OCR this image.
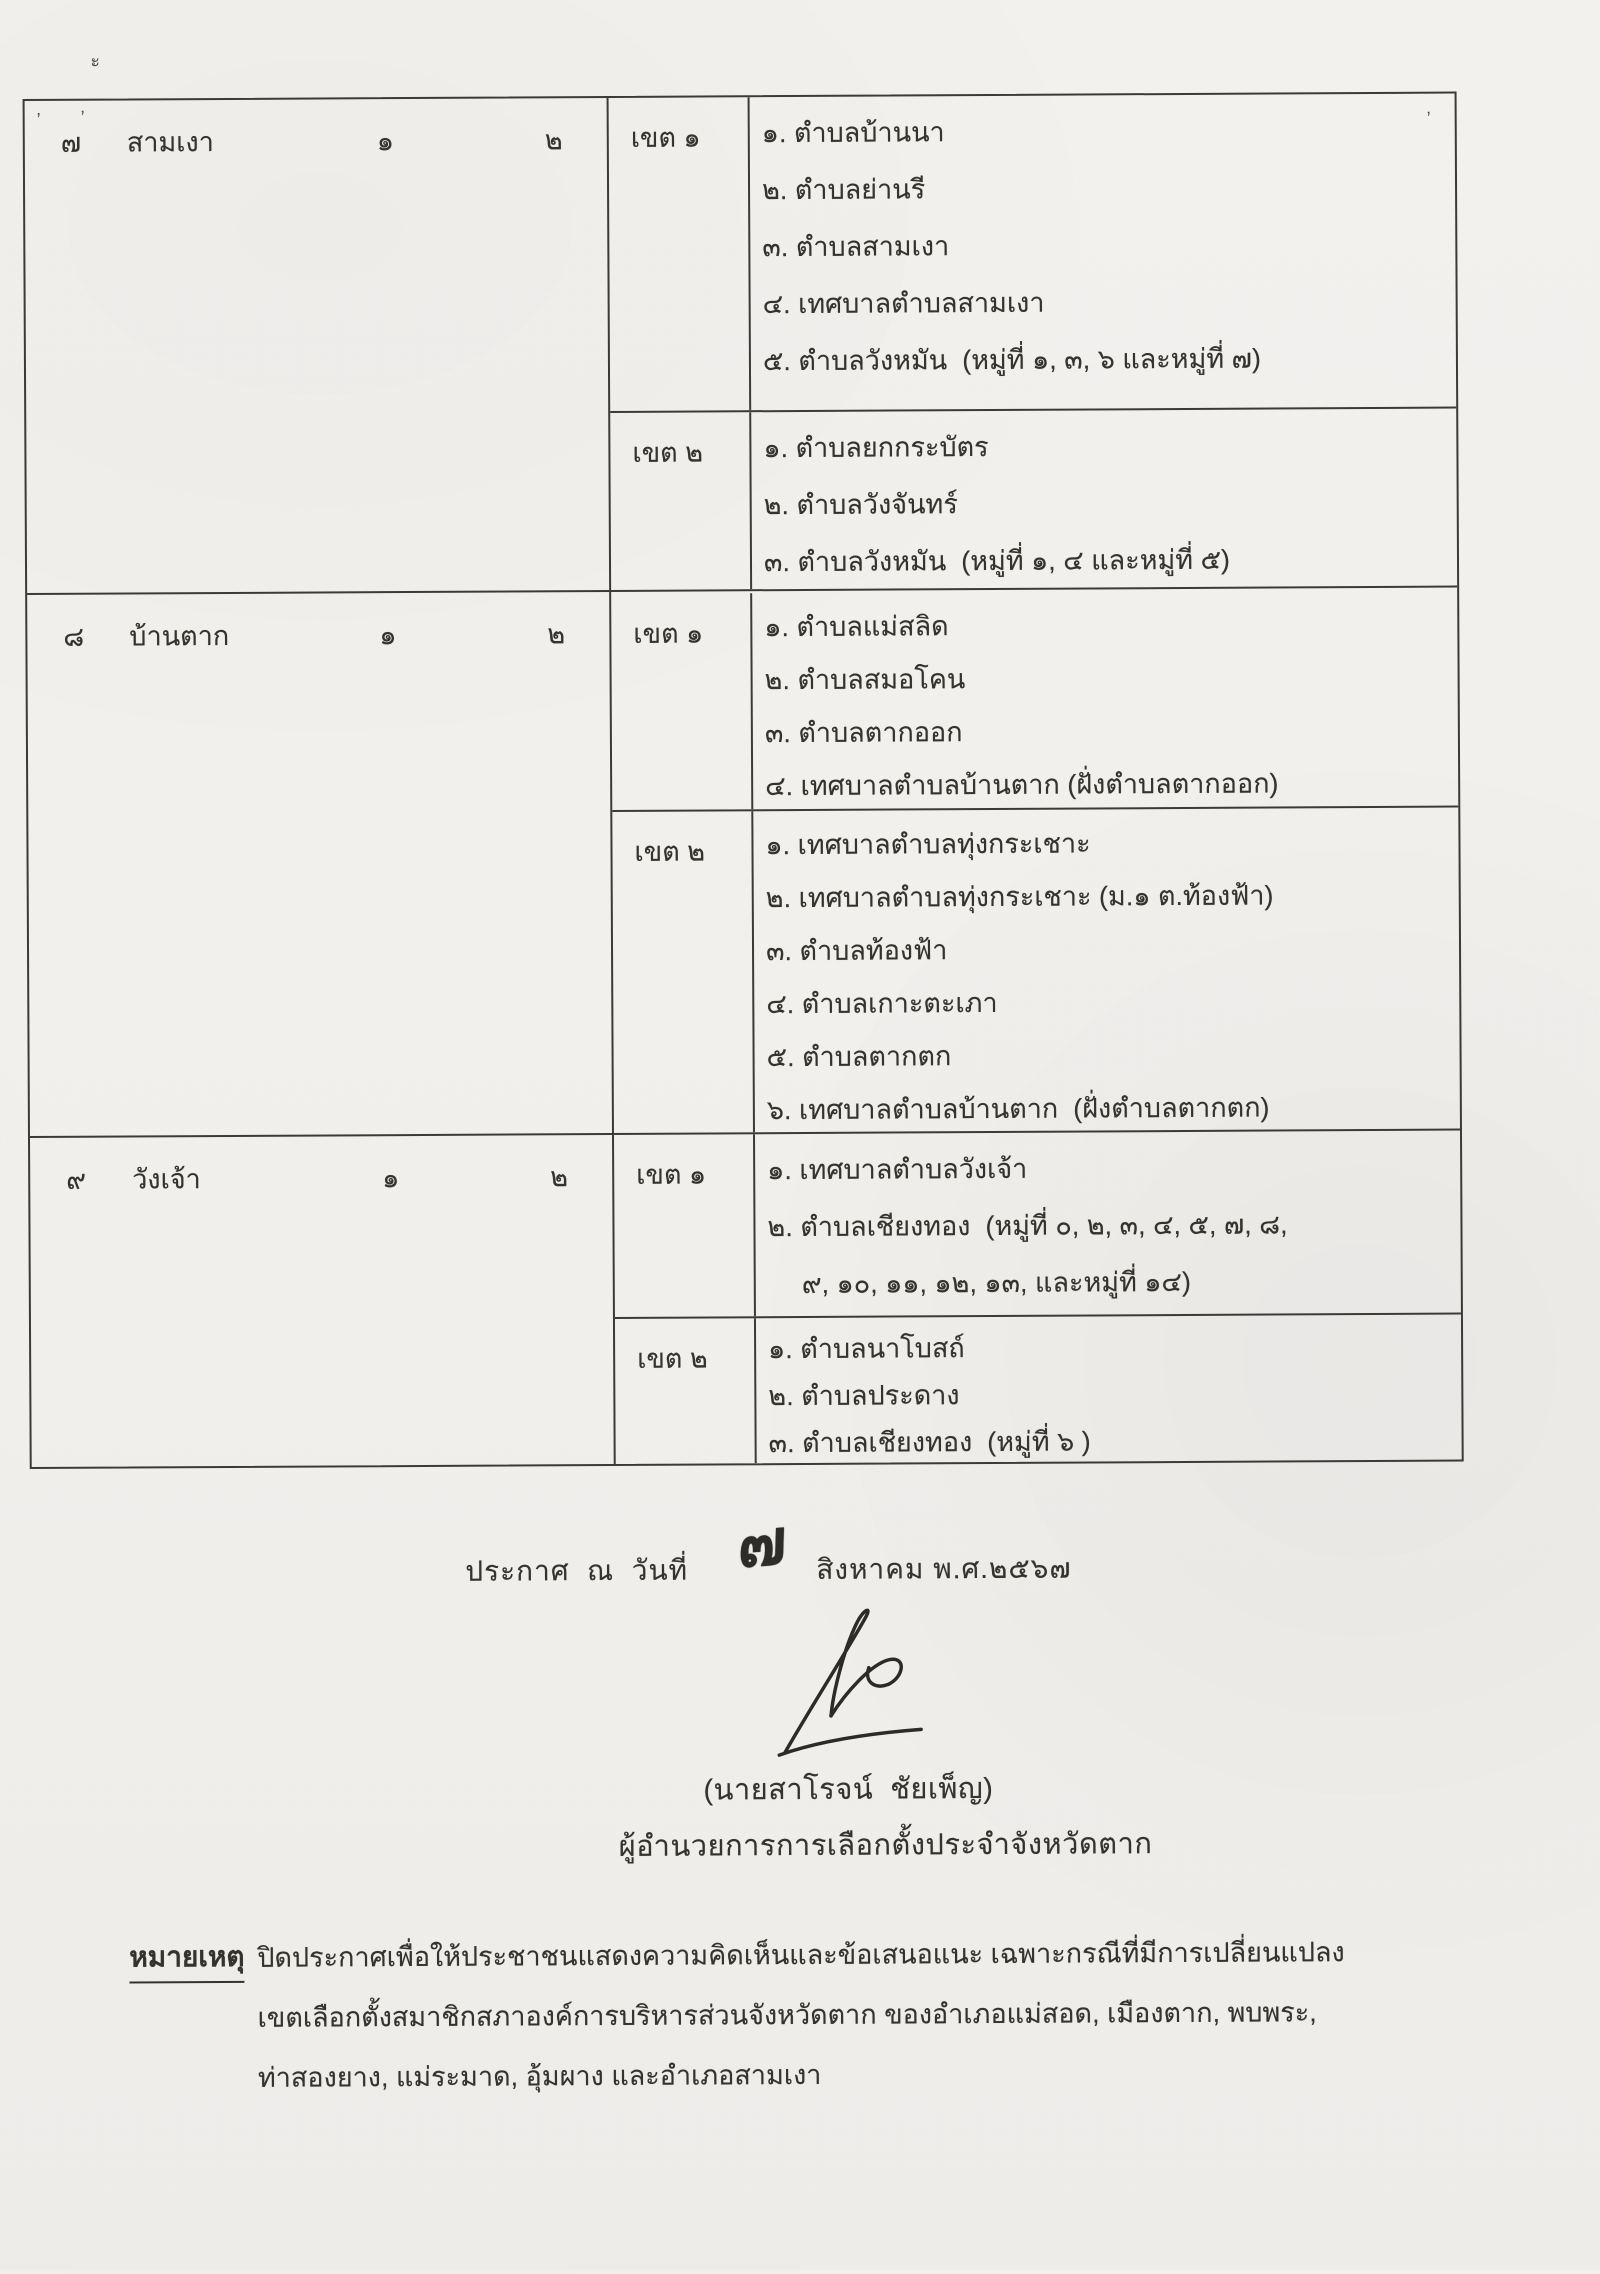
ะ
ʼ ʼ	ʼ
๗ สามเงา	๑	๒	เขต ๑	๑. ตำบลบ้านนา
๒. ตำบลย่านรี
๓. ตำบลสามเงา
๔. เทศบาลตำบลสามเงา
๕. ตำบลวังหมัน  (หมู่ที่ ๑, ๓, ๖ และหมู่ที่ ๗)
เขต ๒	๑. ตำบลยกกระบัตร
๒. ตำบลวังจันทร์
๓. ตำบลวังหมัน  (หมู่ที่ ๑, ๔ และหมู่ที่ ๕)
๘ บ้านตาก	๑	๒	เขต ๑	๑. ตำบลแม่สลิด
๒. ตำบลสมอโคน
๓. ตำบลตากออก
๔. เทศบาลตำบลบ้านตาก (ฝั่งตำบลตากออก)
เขต ๒	๑. เทศบาลตำบลทุ่งกระเชาะ
๒. เทศบาลตำบลทุ่งกระเชาะ (ม.๑ ต.ท้องฟ้า)
๓. ตำบลท้องฟ้า
๔. ตำบลเกาะตะเภา
๕. ตำบลตากตก
๖. เทศบาลตำบลบ้านตาก  (ฝั่งตำบลตากตก)
๙ วังเจ้า	๑	๒	เขต ๑	๑. เทศบาลตำบลวังเจ้า
๒. ตำบลเชียงทอง  (หมู่ที่ ๐, ๒, ๓, ๔, ๕, ๗, ๘,
๙, ๑๐, ๑๑, ๑๒, ๑๓, และหมู่ที่ ๑๔)
เขต ๒	๑. ตำบลนาโบสถ์
๒. ตำบลประดาง
๓. ตำบลเชียงทอง  (หมู่ที่ ๖ )
ประกาศ  ณ  วันที่ ๗ สิงหาคม พ.ศ.๒๕๖๗
(นายสาโรจน์  ชัยเพ็ญ)
ผู้อำนวยการการเลือกตั้งประจำจังหวัดตาก
หมายเหตุ ปิดประกาศเพื่อให้ประชาชนแสดงความคิดเห็นและข้อเสนอแนะ เฉพาะกรณีที่มีการเปลี่ยนแปลง
เขตเลือกตั้งสมาชิกสภาองค์การบริหารส่วนจังหวัดตาก ของอำเภอแม่สอด, เมืองตาก, พบพระ,
ท่าสองยาง, แม่ระมาด, อุ้มผาง และอำเภอสามเงา
